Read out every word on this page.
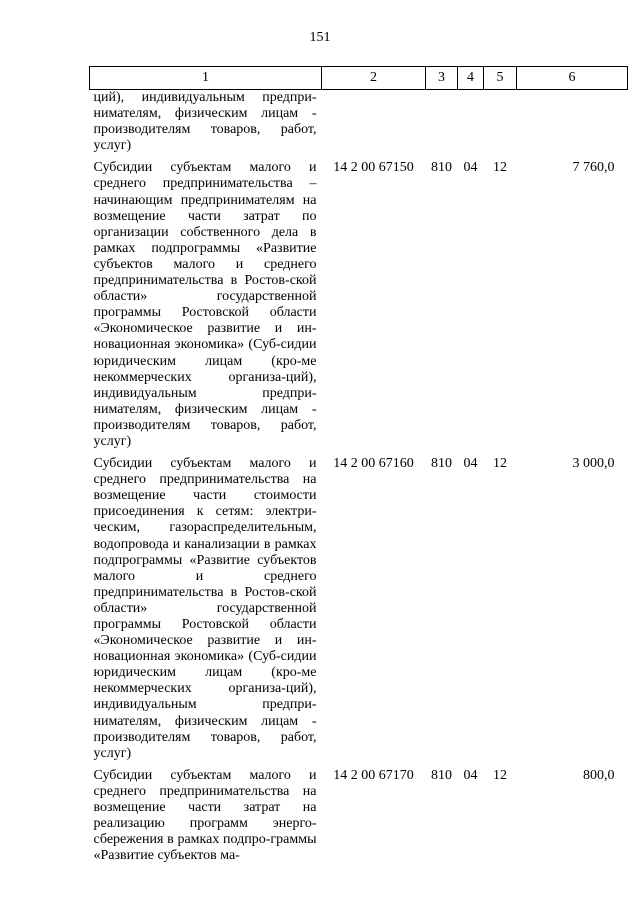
151
1	2	3	4	5	6

ций), индивидуальным предпри-нимателям, физическим лицам - производителям товаров, работ, услуг)					

Субсидии субъектам малого и среднего предпринимательства – начинающим предпринимателям на возмещение части затрат по организации собственного дела в рамках подпрограммы «Развитие субъектов малого и среднего предпринимательства в Ростов-ской области» государственной программы Ростовской области «Экономическое развитие и ин-новационная экономика» (Суб-сидии юридическим лицам (кро-ме некоммерческих организа-ций), индивидуальным предпри-нимателям, физическим лицам - производителям товаров, работ, услуг)	14 2 00 67150	810	04	12	7 760,0

Субсидии субъектам малого и среднего предпринимательства на возмещение части стоимости присоединения к сетям: электри-ческим, газораспределительным, водопровода и канализации в рамках подпрограммы «Развитие субъектов малого и среднего предпринимательства в Ростов-ской области» государственной программы Ростовской области «Экономическое развитие и ин-новационная экономика» (Суб-сидии юридическим лицам (кро-ме некоммерческих организа-ций), индивидуальным предпри-нимателям, физическим лицам - производителям товаров, работ, услуг)	14 2 00 67160	810	04	12	3 000,0

Субсидии субъектам малого и среднего предпринимательства на возмещение части затрат на реализацию программ энерго-сбережения в рамках подпро-граммы «Развитие субъектов ма-	14 2 00 67170	810	04	12	800,0
